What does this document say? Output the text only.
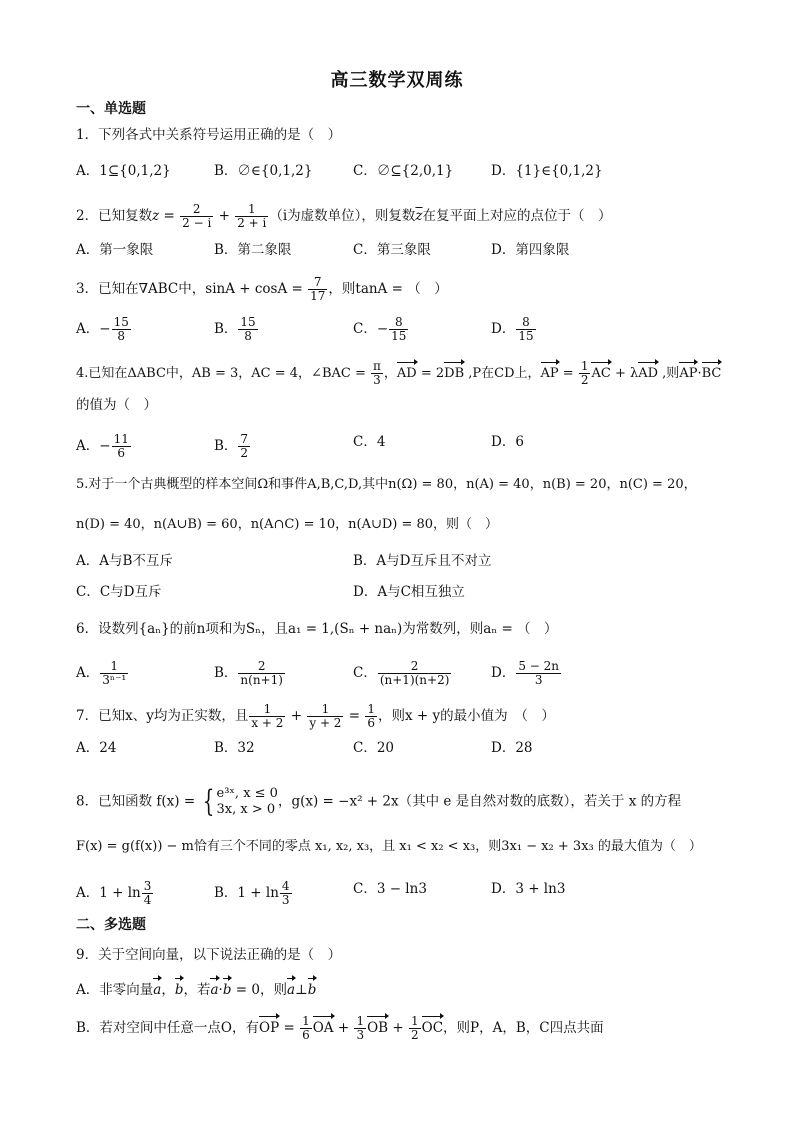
高三数学双周练
一、单选题
1．下列各式中关系符号运用正确的是（　）
A．1⊆{0,1,2}	B．∅∈{0,1,2}	C．∅⊆{2,0,1}	D．{1}∈{0,1,2}
2．已知复数$z = \frac{2}{2 - i} + \frac{1}{2 + i} (i$为虚数单位），则复数$\overline{z}$在复平面上对应的点位于（　）
A．第一象限	B．第二象限	C．第三象限	D．第四象限
3．已知在∇ABC中，$\sin A + \cos A = \frac{7}{17}$ ，则tanA = （　）
A．− $\frac{15}{8}$	B． $\frac{15}{8}$	C．− $\frac{8}{15}$	D． $\frac{8}{15}$
4.已知在ΔABC中，AB = 3，AC = 4，∠BAC = $\frac{\pi}{3}$ ，AD = 2DB ,P在CD上，AP = $\frac{1}{2}$ AC + λAD ,则AP·BC
的值为（　）
A．− $\frac{11}{6}$	B． $\frac{7}{2}$	C．4	D．6
5.对于一个古典概型的样本空间Ω和事件A,B,C,D,其中n(Ω) = 80，n(A) = 40，n(B) = 20，n(C) = 20，
n(D) = 40，n(A∪B) = 60，n(A∩C) = 10，n(A∪D) = 80，则（　）
A．A与B不互斥	B．A与D互斥且不对立
C．C与D互斥	D．A与C相互独立
6．设数列{aₙ}的前n项和为Sₙ，且a₁ = 1,(Sₙ + naₙ)为常数列，则aₙ = （　）
A． $\frac{1}{\text{3ⁿ⁻¹}}$	B． $\frac{2}{n(n+1)}$	C． $\frac{2}{(n+1)(n+2)}$	D． $\frac{5 - 2n}{3}$
7．已知x、y均为正实数，且 $\frac{1}{x + 2} + \frac{1}{y + 2} = \frac{1}{6}$ ，则x + y的最小值为　（　）
A．24	B．32	C．20	D．28
8．已知函数 f(x) = { e³ˣ, x ≤ 0
3x, x > 0 ，g(x) = −x² + 2x（其中 e 是自然对数的底数），若关于 x 的方程
F(x) = g(f(x)) − m恰有三个不同的零点 x₁, x₂, x₃，且 x₁ < x₂ < x₃，则3x₁ − x₂ + 3x₃ 的最大值为（　）
A．$1 + \ln \frac{3}{4}$	B．$1 + \ln \frac{4}{3}$	C．3 − ln3	D．3 + ln3
二、多选题
9．关于空间向量，以下说法正确的是（　）
A．非零向量a，b，若a·b = 0，则a⊥b
B．若对空间中任意一点O，有OP = $\frac{1}{6}$ OA + $\frac{1}{3}$ OB + $\frac{1}{2}$ OC，则P，A，B，C四点共面
